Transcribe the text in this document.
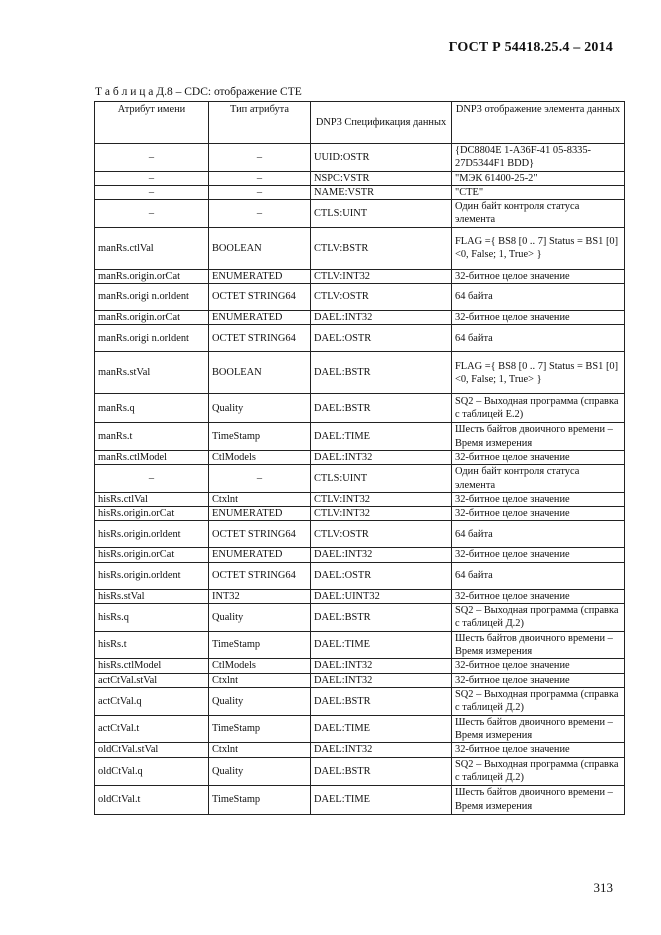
ГОСТ Р 54418.25.4 – 2014
Т а б л и ц а Д.8 – CDC: отображение CTE
Атрибут имени	Тип атрибута	DNP3 Спецификация данных	DNP3 отображение элемента данных
–	–	UUID:OSTR	{DC8804E 1-A36F-41 05-8335-27D5344F1 BDD}
–	–	NSPC:VSTR	"МЭК 61400-25-2"
–	–	NAME:VSTR	"CTE"
–	–	CTLS:UINT	Один байт контроля статуса элемента
manRs.ctlVal	BOOLEAN	CTLV:BSTR	FLAG ={ BS8 [0 .. 7] Status = BS1 [0] <0, False; 1, True> }
manRs.origin.orCat	ENUMERATED	CTLV:INT32	32-битное целое значение
manRs.origi n.orldent	OCTET STRING64	CTLV:OSTR	64 байта
manRs.origin.orCat	ENUMERATED	DAEL:INT32	32-битное целое значение
manRs.origi n.orldent	OCTET STRING64	DAEL:OSTR	64 байта
manRs.stVal	BOOLEAN	DAEL:BSTR	FLAG ={ BS8 [0 .. 7] Status = BS1 [0] <0, False; 1, True> }
manRs.q	Quality	DAEL:BSTR	SQ2 – Выходная программа (справка с таблицей E.2)
manRs.t	TimeStamp	DAEL:TIME	Шесть байтов двоичного времени – Время измерения
manRs.ctlModel	CtlModels	DAEL:INT32	32-битное целое значение
–	–	CTLS:UINT	Один байт контроля статуса элемента
hisRs.ctlVal	Ctxlnt	CTLV:INT32	32-битное целое значение
hisRs.origin.orCat	ENUMERATED	CTLV:INT32	32-битное целое значение
hisRs.origin.orldent	OCTET STRING64	CTLV:OSTR	64 байта
hisRs.origin.orCat	ENUMERATED	DAEL:INT32	32-битное целое значение
hisRs.origin.orldent	OCTET STRING64	DAEL:OSTR	64 байта
hisRs.stVal	INT32	DAEL:UINT32	32-битное целое значение
hisRs.q	Quality	DAEL:BSTR	SQ2 – Выходная программа (справка с таблицей Д.2)
hisRs.t	TimeStamp	DAEL:TIME	Шесть байтов двоичного времени – Время измерения
hisRs.ctlModel	CtlModels	DAEL:INT32	32-битное целое значение
actCtVal.stVal	Ctxlnt	DAEL:INT32	32-битное целое значение
actCtVal.q	Quality	DAEL:BSTR	SQ2 – Выходная программа (справка с таблицей Д.2)
actCtVal.t	TimeStamp	DAEL:TIME	Шесть байтов двоичного времени – Время измерения
oldCtVal.stVal	Ctxlnt	DAEL:INT32	32-битное целое значение
oldCtVal.q	Quality	DAEL:BSTR	SQ2 – Выходная программа (справка с таблицей Д.2)
oldCtVal.t	TimeStamp	DAEL:TIME	Шесть байтов двоичного времени – Время измерения
313
